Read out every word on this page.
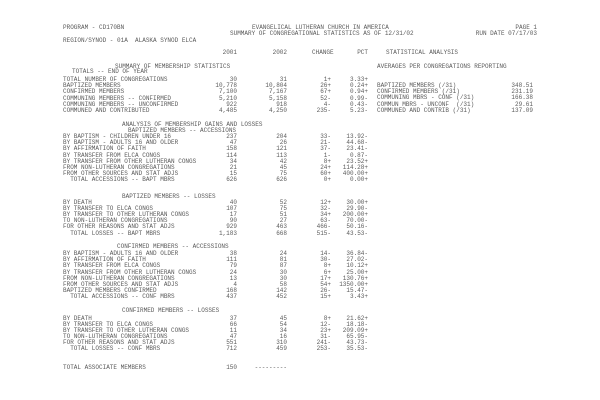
PROGRAM - CD170BN	EVANGELICAL LUTHERAN CHURCH IN AMERICA	PAGE 1
SUMMARY OF CONGREGATIONAL STATISTICS AS OF 12/31/02	RUN DATE 07/17/03
REGION/SYNOD - 01A  ALASKA SYNOD ELCA
2001	2002	CHANGE	PCT	STATISTICAL ANALYSIS
SUMMARY OF MEMBERSHIP STATISTICS
TOTALS -- END OF YEAR
AVERAGES PER CONGREGATIONS REPORTING
TOTAL NUMBER OF CONGREGATIONS	30	31	1+	3.33+
BAPTIZED MEMBERS	10,778	10,804	26+	0.24+
CONFIRMED MEMBERS	7,100	7,167	67+	0.94+
COMMUNING MEMBERS -- CONFIRMED	5,210	5,158	52-	0.99-
COMMUNING MEMBERS -- UNCONFIRMED	922	918	4-	0.43-
COMMUNED AND CONTRIBUTED	4,485	4,250	235-	5.23-
BAPTIZED MEMBERS (/31)	348.51
CONFIRMED MEMBERS (/31)	231.19
COMMUNING MBRS - CONF (/31)	166.38
COMMUN MBRS - UNCONF  (/31)	29.61
COMMUNED AND CONTRIB (/31)	137.09
ANALYSIS OF MEMBERSHIP GAINS AND LOSSES
BAPTIZED MEMBERS -- ACCESSIONS
BY BAPTISM - CHILDREN UNDER 16	237	204	33-	13.92-
BY BAPTISM - ADULTS 16 AND OLDER	47	26	21-	44.68-
BY AFFIRMATION OF FAITH	158	121	37-	23.41-
BY TRANSFER FROM ELCA CONGS	114	113	1-	0.87-
BY TRANSFER FROM OTHER LUTHERAN CONGS	34	42	8+	23.52+
FROM NON-LUTHERAN CONGREGATIONS	21	45	24+ 114.28+
FROM OTHER SOURCES AND STAT ADJS	15	75	60+ 400.00+
TOTAL ACCESSIONS -- BAPT MBRS	626	626	0+	0.00+
BAPTIZED MEMBERS -- LOSSES
BY DEATH	40	52	12+	30.00+
BY TRANSFER TO ELCA CONGS	107	75	32-	29.90-
BY TRANSFER TO OTHER LUTHERAN CONGS	17	51	34+ 200.00+
TO NON-LUTHERAN CONGREGATIONS	90	27	63-	70.00-
FOR OTHER REASONS AND STAT ADJS	929	463	466-	50.16-
TOTAL LOSSES -- BAPT MBRS	1,183	668	515-	43.53-
CONFIRMED MEMBERS -- ACCESSIONS
BY BAPTISM - ADULTS 16 AND OLDER	38	24	14-	36.84-
BY AFFIRMATION OF FAITH	111	81	30-	27.02-
BY TRANSFER FROM ELCA CONGS	79	87	8+	10.12+
BY TRANSFER FROM OTHER LUTHERAN CONGS	24	30	6+	25.00+
FROM NON-LUTHERAN CONGREGATIONS	13	30	17+ 130.76+
FROM OTHER SOURCES AND STAT ADJS	4	58	54+ 1350.00+
BAPTIZED MEMBERS CONFIRMED	168	142	26-	15.47-
TOTAL ACCESSIONS -- CONF MBRS	437	452	15+	3.43+
CONFIRMED MEMBERS -- LOSSES
BY DEATH	37	45	8+	21.62+
BY TRANSFER TO ELCA CONGS	66	54	12-	18.18-
BY TRANSFER TO OTHER LUTHERAN CONGS	11	34	23+ 209.09+
TO NON-LUTHERAN CONGREGATIONS	47	16	31-	65.95-
FOR OTHER REASONS AND STAT ADJS	551	310	241-	43.73-
TOTAL LOSSES -- CONF MBRS	712	459	253-	35.53-
TOTAL ASSOCIATE MEMBERS	150	---------
